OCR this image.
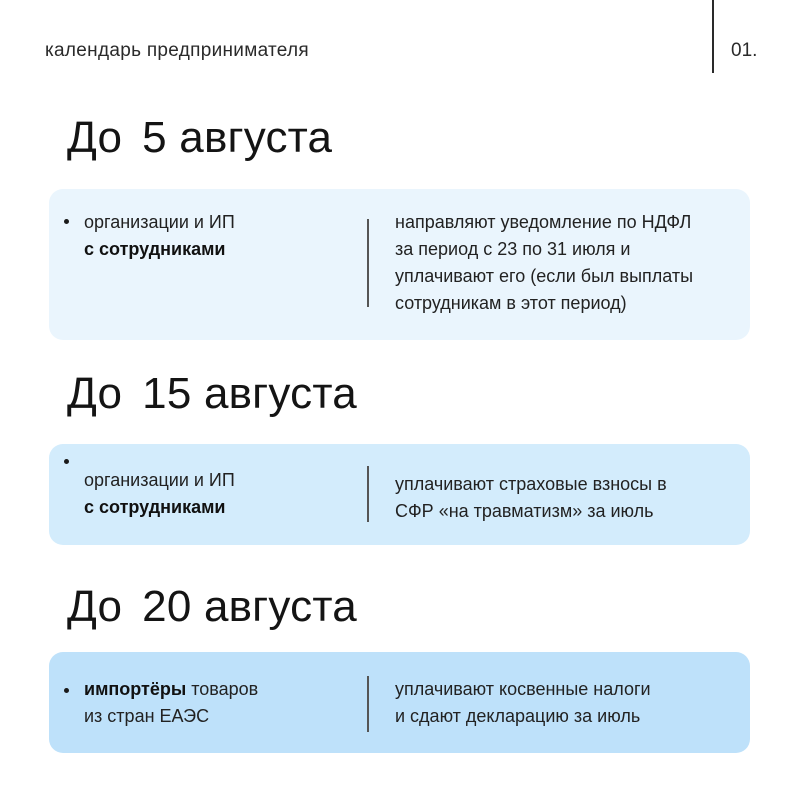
календарь предпринимателя	01.
До 5 августа
организации и ИП
с сотрудниками
направляют уведомление по НДФЛ
за период с 23 по 31 июля и
уплачивают его (если был выплаты
сотрудникам в этот период)
До 15 августа
организации и ИП
с сотрудниками
уплачивают страховые взносы в
СФР «на травматизм» за июль
До 20 августа
импортёры товаров
из стран ЕАЭС
уплачивают косвенные налоги
и сдают декларацию за июль
